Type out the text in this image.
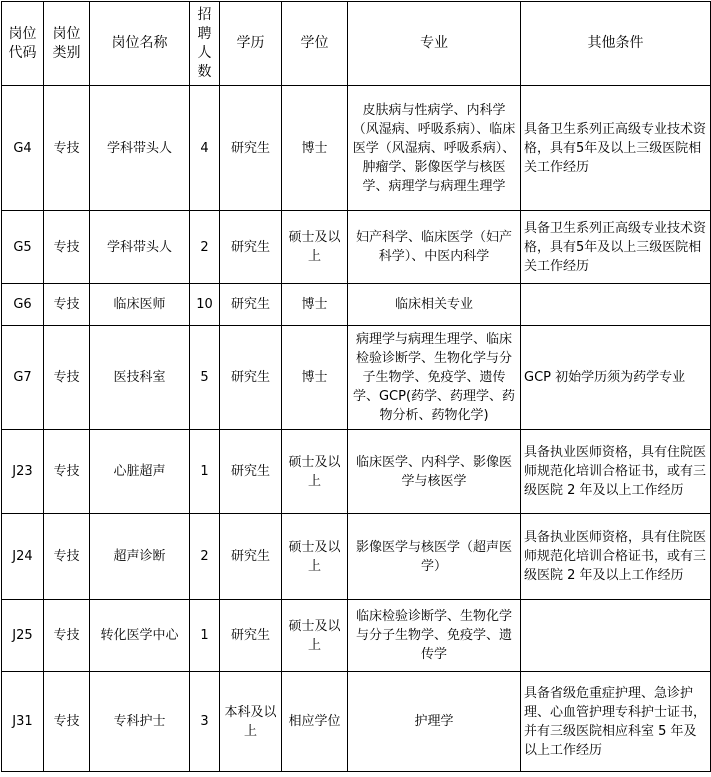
岗位代码	岗位类别	岗位名称	招聘人数	学历	学位	专业	其他条件
G4	专技	学科带头人	4	研究生	博士	皮肤病与性病学、内科学（风湿病、呼吸系病）、临床医学（风湿病、呼吸系病）、肿瘤学、影像医学与核医学、病理学与病理生理学	具备卫生系列正高级专业技术资格，具有5年及以上三级医院相关工作经历
G5	专技	学科带头人	2	研究生	硕士及以上	妇产科学、临床医学（妇产科学）、中医内科学	具备卫生系列正高级专业技术资格，具有5年及以上三级医院相关工作经历
G6	专技	临床医师	10	研究生	博士	临床相关专业	
G7	专技	医技科室	5	研究生	博士	病理学与病理生理学、临床检验诊断学、生物化学与分子生物学、免疫学、遗传学、GCP(药学、药理学、药物分析、药物化学)	GCP 初始学历须为药学专业
J23	专技	心脏超声	1	研究生	硕士及以上	临床医学、内科学、影像医学与核医学	具备执业医师资格，具有住院医师规范化培训合格证书，或有三级医院 2 年及以上工作经历
J24	专技	超声诊断	2	研究生	硕士及以上	影像医学与核医学（超声医学）	具备执业医师资格，具有住院医师规范化培训合格证书，或有三级医院 2 年及以上工作经历
J25	专技	转化医学中心	1	研究生	硕士及以上	临床检验诊断学、生物化学与分子生物学、免疫学、遗传学	
J31	专技	专科护士	3	本科及以上	相应学位	护理学	具备省级危重症护理、急诊护理、心血管护理专科护士证书，并有三级医院相应科室 5 年及以上工作经历
